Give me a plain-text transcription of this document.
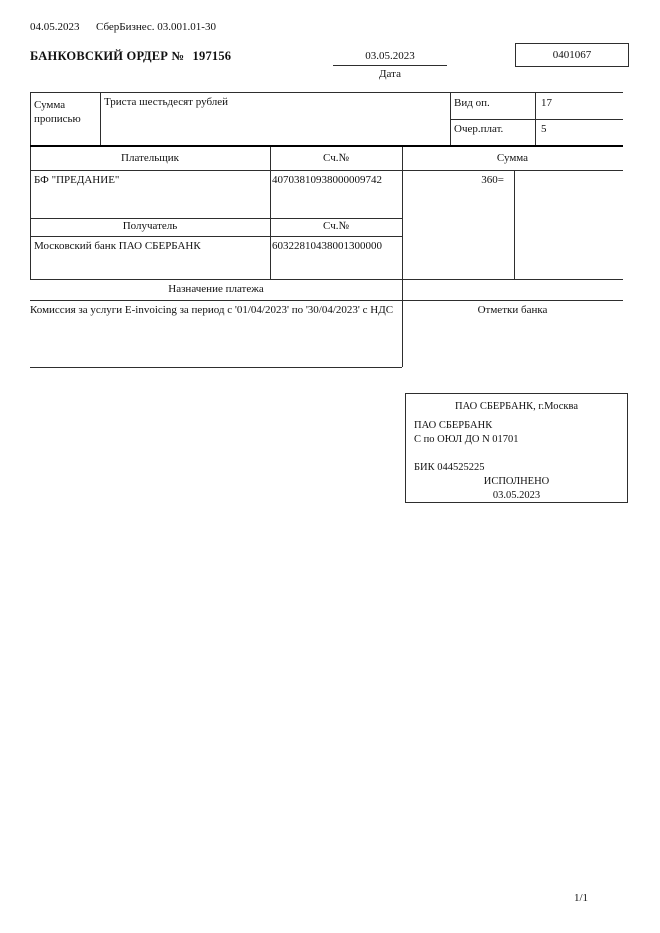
04.05.2023 СберБизнес. 03.001.01-30
БАНКОВСКИЙ ОРДЕР № 197156	03.05.2023
Дата
0401067
Сумма прописью
Триста шестьдесят рублей	Вид оп.	17
Очер.плат.	5
Плательщик	Сч.№	Сумма
БФ "ПРЕДАНИЕ"	40703810938000009742	360=
Получатель	Сч.№
Московский банк ПАО СБЕРБАНК	60322810438001300000
Назначение платежа
Комиссия за услуги E-invoicing за период с '01/04/2023' по '30/04/2023' с НДС	Отметки банка
ПАО СБЕРБАНК, г.Москва
ПАО СБЕРБАНК
С по ОЮЛ ДО N 01701
БИК 044525225
ИСПОЛНЕНО
03.05.2023
1/1
